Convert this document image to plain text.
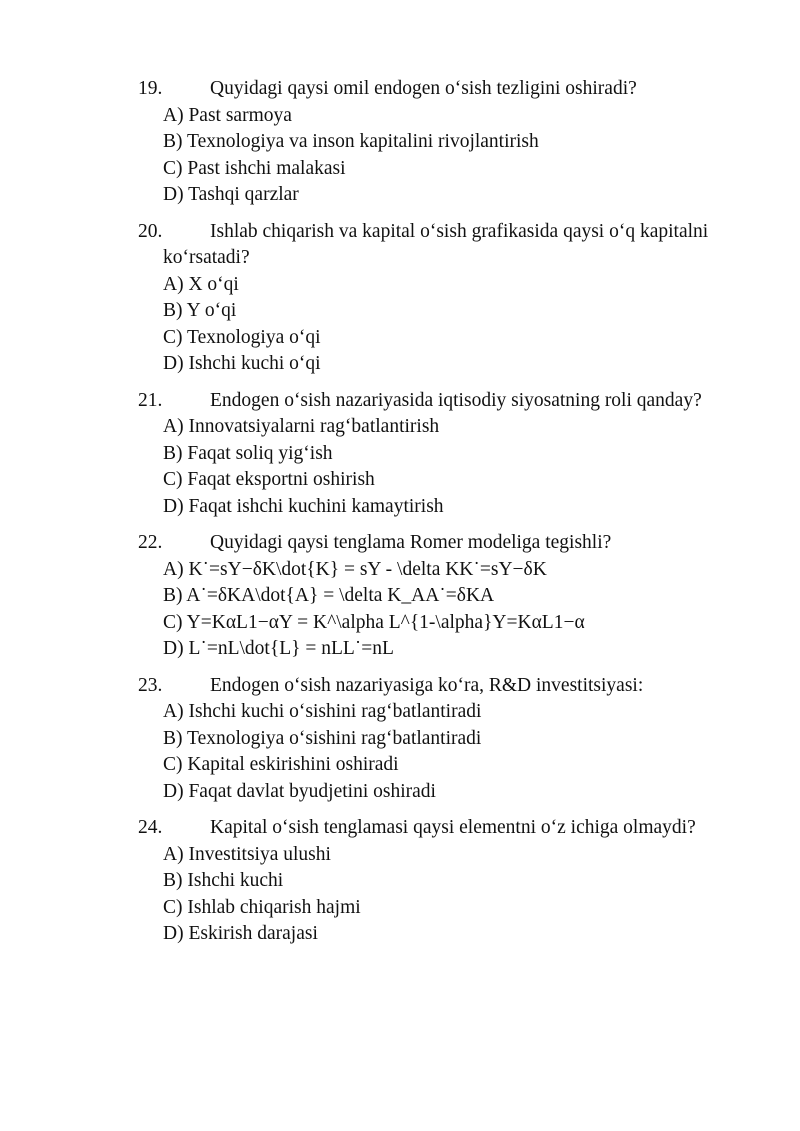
19. Quyidagi qaysi omil endogen o‘sish tezligini oshiradi?
A) Past sarmoya
B) Texnologiya va inson kapitalini rivojlantirish
C) Past ishchi malakasi
D) Tashqi qarzlar
20. Ishlab chiqarish va kapital o‘sish grafikasida qaysi o‘q kapitalni ko‘rsatadi?
A) X o‘qi
B) Y o‘qi
C) Texnologiya o‘qi
D) Ishchi kuchi o‘qi
21. Endogen o‘sish nazariyasida iqtisodiy siyosatning roli qanday?
A) Innovatsiyalarni rag‘batlantirish
B) Faqat soliq yig‘ish
C) Faqat eksportni oshirish
D) Faqat ishchi kuchini kamaytirish
22. Quyidagi qaysi tenglama Romer modeliga tegishli?
A) K˙=sY−δK\dot{K} = sY - \delta KK˙=sY−δK
B) A˙=δKA\dot{A} = \delta K_AA˙=δKA
C) Y=KαL1−αY = K^\alpha L^{1-\alpha}Y=KαL1−α
D) L˙=nL\dot{L} = nLL˙=nL
23. Endogen o‘sish nazariyasiga ko‘ra, R&D investitsiyasi:
A) Ishchi kuchi o‘sishini rag‘batlantiradi
B) Texnologiya o‘sishini rag‘batlantiradi
C) Kapital eskirishini oshiradi
D) Faqat davlat byudjetini oshiradi
24. Kapital o‘sish tenglamasi qaysi elementni o‘z ichiga olmaydi?
A) Investitsiya ulushi
B) Ishchi kuchi
C) Ishlab chiqarish hajmi
D) Eskirish darajasi
